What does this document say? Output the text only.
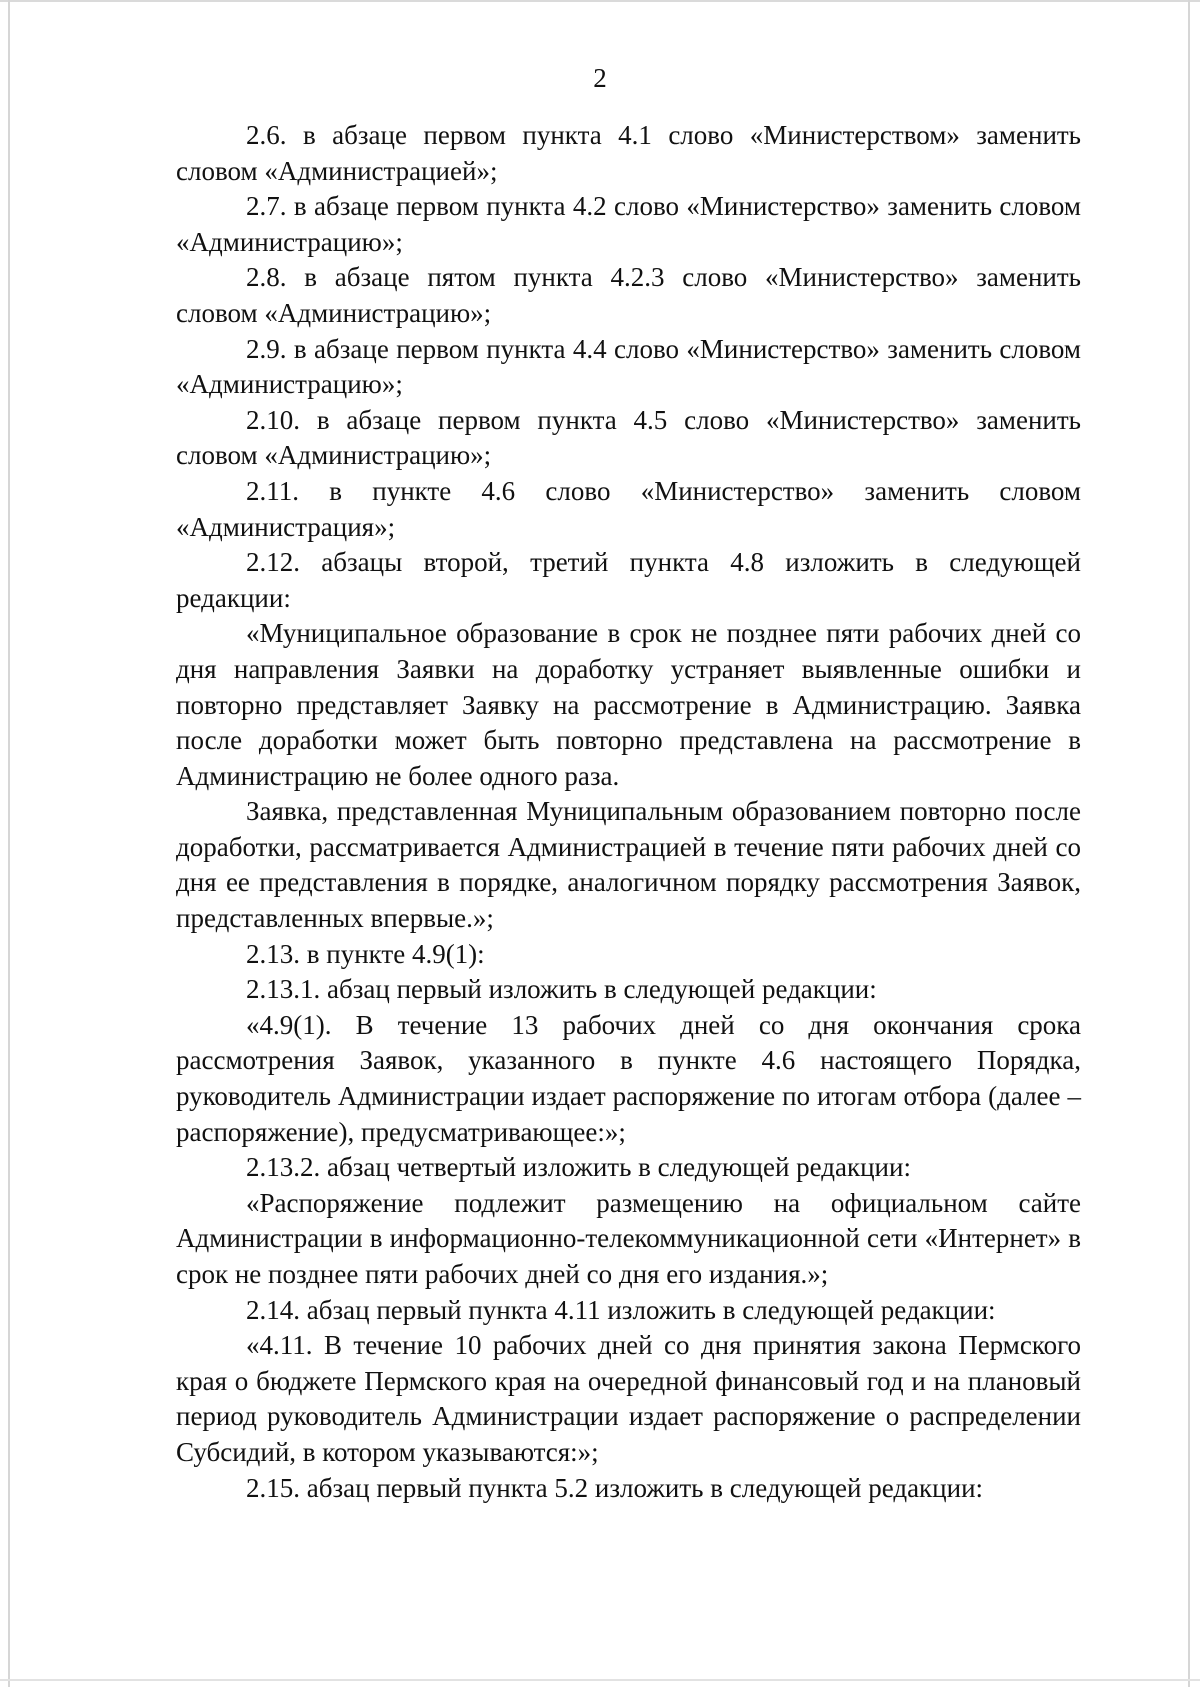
2

2.6. в абзаце первом пункта 4.1 слово «Министерством» заменить словом «Администрацией»;

2.7. в абзаце первом пункта 4.2 слово «Министерство» заменить словом «Администрацию»;

2.8. в абзаце пятом пункта 4.2.3 слово «Министерство» заменить словом «Администрацию»;

2.9. в абзаце первом пункта 4.4 слово «Министерство» заменить словом «Администрацию»;

2.10. в абзаце первом пункта 4.5 слово «Министерство» заменить словом «Администрацию»;

2.11. в пункте 4.6 слово «Министерство» заменить словом «Администрация»;

2.12. абзацы второй, третий пункта 4.8 изложить в следующей редакции:

«Муниципальное образование в срок не позднее пяти рабочих дней со дня направления Заявки на доработку устраняет выявленные ошибки и повторно представляет Заявку на рассмотрение в Администрацию. Заявка после доработки может быть повторно представлена на рассмотрение в Администрацию не более одного раза.

Заявка, представленная Муниципальным образованием повторно после доработки, рассматривается Администрацией в течение пяти рабочих дней со дня ее представления в порядке, аналогичном порядку рассмотрения Заявок, представленных впервые.»;

2.13. в пункте 4.9(1):

2.13.1. абзац первый изложить в следующей редакции:

«4.9(1). В течение 13 рабочих дней со дня окончания срока рассмотрения Заявок, указанного в пункте 4.6 настоящего Порядка, руководитель Администрации издает распоряжение по итогам отбора (далее – распоряжение), предусматривающее:»;

2.13.2. абзац четвертый изложить в следующей редакции:

«Распоряжение подлежит размещению на официальном сайте Администрации в информационно-телекоммуникационной сети «Интернет» в срок не позднее пяти рабочих дней со дня его издания.»;

2.14. абзац первый пункта 4.11 изложить в следующей редакции:

«4.11. В течение 10 рабочих дней со дня принятия закона Пермского края о бюджете Пермского края на очередной финансовый год и на плановый период руководитель Администрации издает распоряжение о распределении Субсидий, в котором указываются:»;

2.15. абзац первый пункта 5.2 изложить в следующей редакции:
